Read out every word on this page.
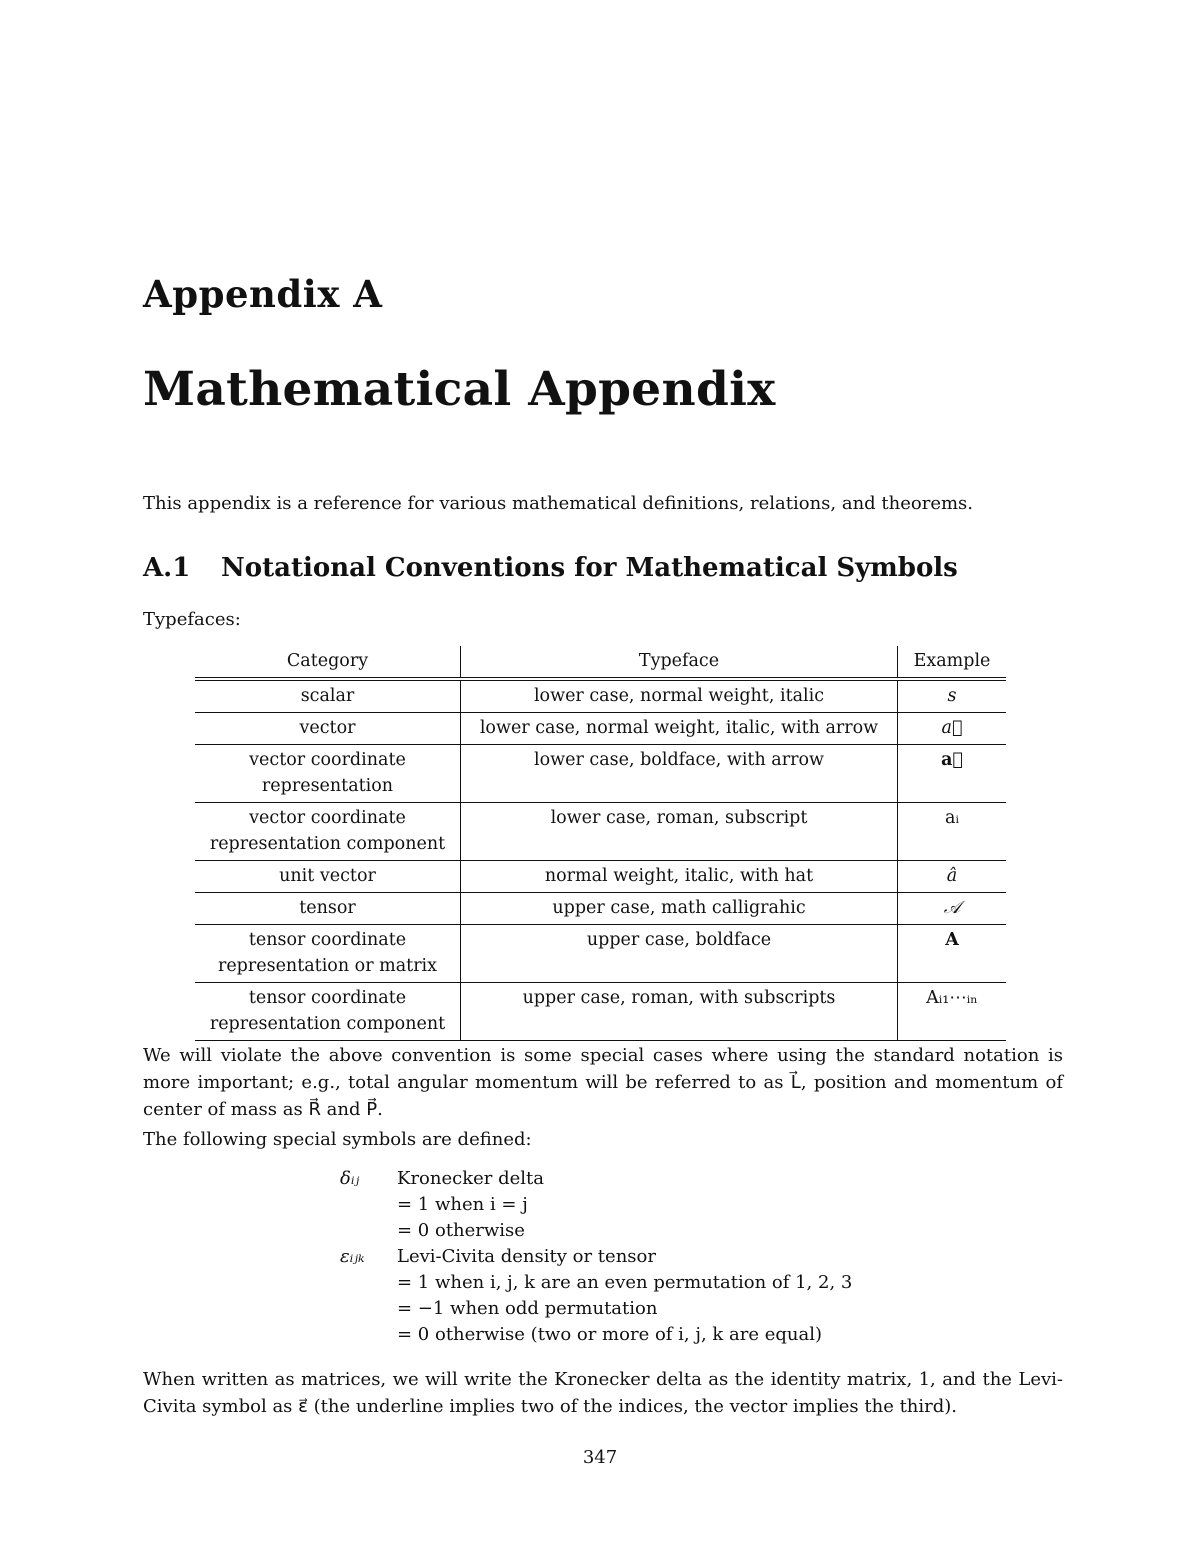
Appendix A
Mathematical Appendix
This appendix is a reference for various mathematical definitions, relations, and theorems.
A.1 Notational Conventions for Mathematical Symbols
Typefaces:
Category	Typeface	Example
scalar	lower case, normal weight, italic	s
vector	lower case, normal weight, italic, with arrow	a⃗
vector coordinate representation	lower case, boldface, with arrow	a⃗
vector coordinate representation component	lower case, roman, subscript	aᵢ
unit vector	normal weight, italic, with hat	â
tensor	upper case, math calligrahic	𝒜
tensor coordinate representation or matrix	upper case, boldface	A
tensor coordinate representation component	upper case, roman, with subscripts	Aᵢ₁⋯ᵢₙ
We will violate the above convention is some special cases where using the standard notation is more important; e.g., total angular momentum will be referred to as L⃗, position and momentum of center of mass as R⃗ and P⃗.
The following special symbols are defined:
δᵢⱼ Kronecker delta
= 1 when i = j
= 0 otherwise
εᵢⱼₖ Levi-Civita density or tensor
= 1 when i, j, k are an even permutation of 1, 2, 3
= −1 when odd permutation
= 0 otherwise (two or more of i, j, k are equal)
When written as matrices, we will write the Kronecker delta as the identity matrix, 1, and the Levi-Civita symbol as ε⃗ (the underline implies two of the indices, the vector implies the third).
347
